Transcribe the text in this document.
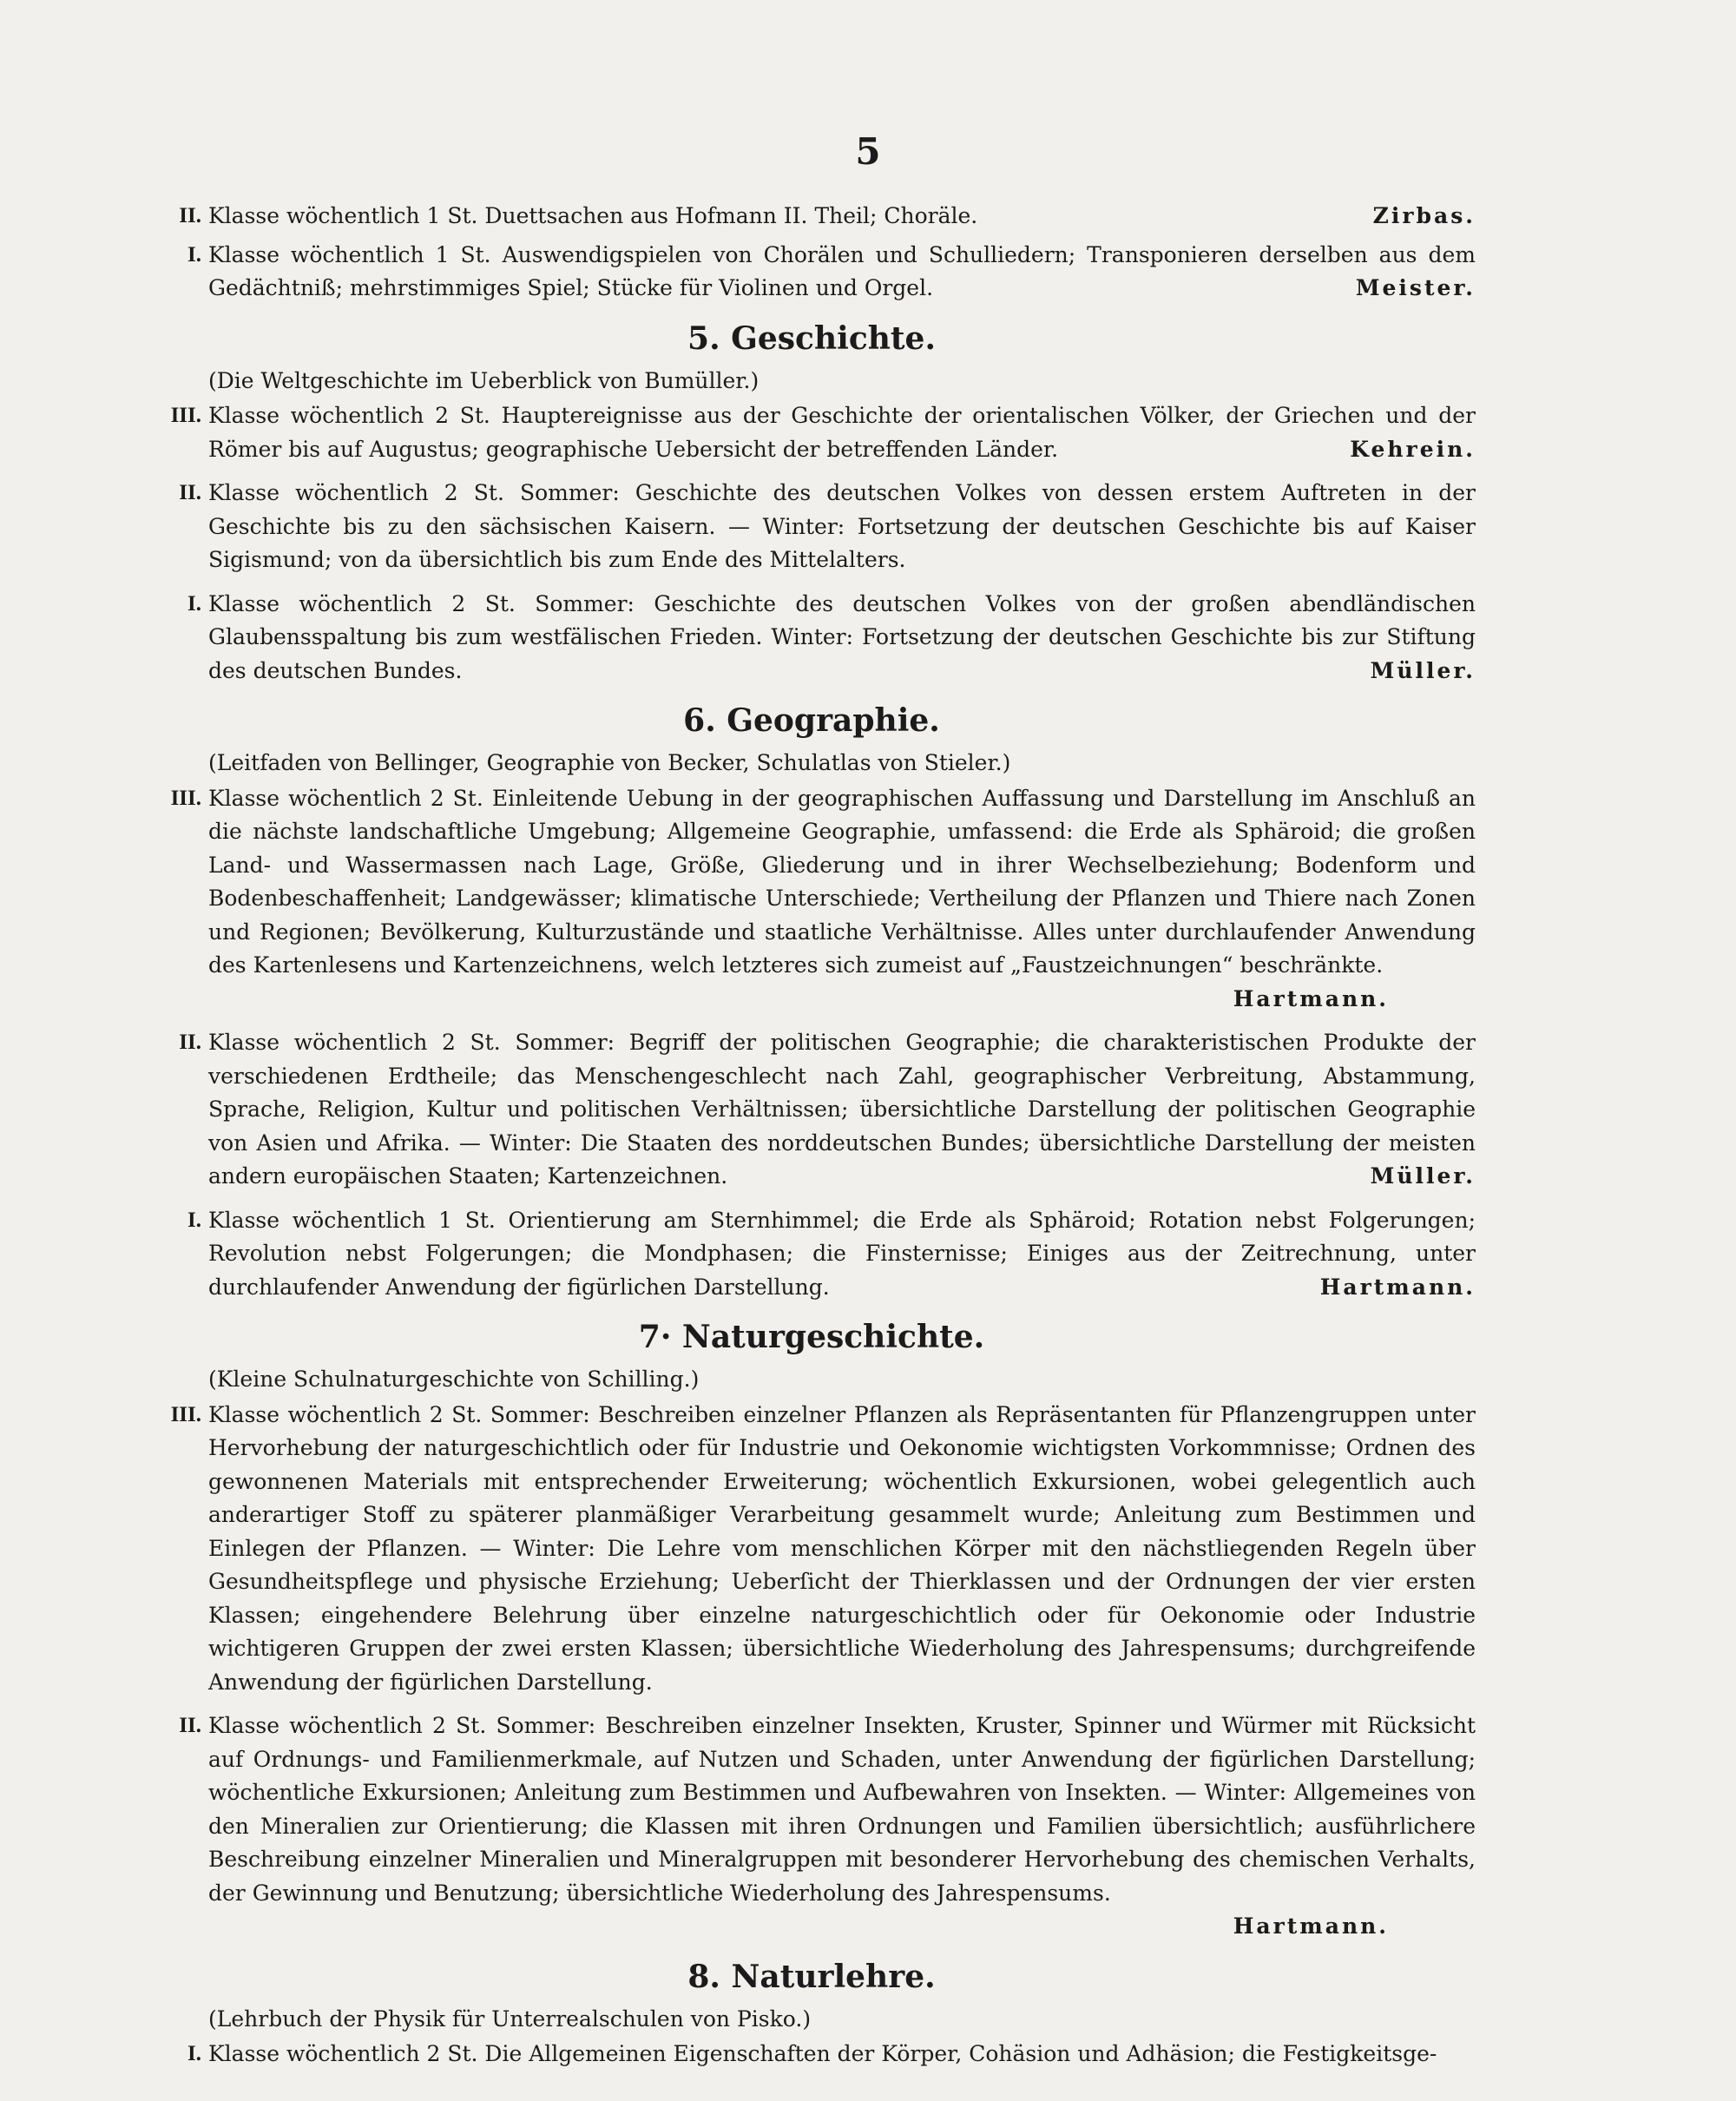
5
II. Klasse wöchentlich 1 St. Duettsachen aus Hofmann II. Theil; Choräle.	Zirbas.
I. Klasse wöchentlich 1 St. Auswendigspielen von Chorälen und Schulliedern; Transponieren derselben aus dem Gedächtniß; mehrstimmiges Spiel; Stücke für Violinen und Orgel.	Meister.
5. Geschichte.
(Die Weltgeschichte im Ueberblick von Bumüller.)
III. Klasse wöchentlich 2 St. Hauptereignisse aus der Geschichte der orientalischen Völker, der Griechen und der Römer bis auf Augustus; geographische Uebersicht der betreffenden Länder.	Kehrein.
II. Klasse wöchentlich 2 St. Sommer: Geschichte des deutschen Volkes von dessen erstem Auftreten in der Geschichte bis zu den sächsischen Kaisern. — Winter: Fortsetzung der deutschen Geschichte bis auf Kaiser Sigismund; von da übersichtlich bis zum Ende des Mittelalters.
I. Klasse wöchentlich 2 St. Sommer: Geschichte des deutschen Volkes von der großen abendländischen Glaubensspaltung bis zum westfälischen Frieden. Winter: Fortsetzung der deutschen Geschichte bis zur Stiftung des deutschen Bundes.	Müller.
6. Geographie.
(Leitfaden von Bellinger, Geographie von Becker, Schulatlas von Stieler.)
III. Klasse wöchentlich 2 St. Einleitende Uebung in der geographischen Auffassung und Darstellung im Anschluß an die nächste landschaftliche Umgebung; Allgemeine Geographie, umfassend: die Erde als Sphäroid; die großen Land- und Wassermassen nach Lage, Größe, Gliederung und in ihrer Wechselbeziehung; Bodenform und Bodenbeschaffenheit; Landgewässer; klimatische Unterschiede; Vertheilung der Pflanzen und Thiere nach Zonen und Regionen; Bevölkerung, Kulturzustände und staatliche Verhältnisse. Alles unter durchlaufender Anwendung des Kartenlesens und Kartenzeichnens, welch letzteres sich zumeist auf „Faustzeichnungen“ beschränkte.
Hartmann.
II. Klasse wöchentlich 2 St. Sommer: Begriff der politischen Geographie; die charakteristischen Produkte der verschiedenen Erdtheile; das Menschengeschlecht nach Zahl, geographischer Verbreitung, Abstammung, Sprache, Religion, Kultur und politischen Verhältnissen; übersichtliche Darstellung der politischen Geographie von Asien und Afrika. — Winter: Die Staaten des norddeutschen Bundes; übersichtliche Darstellung der meisten andern europäischen Staaten; Kartenzeichnen.	Müller.
I. Klasse wöchentlich 1 St. Orientierung am Sternhimmel; die Erde als Sphäroid; Rotation nebst Folgerungen; Revolution nebst Folgerungen; die Mondphasen; die Finsternisse; Einiges aus der Zeitrechnung, unter durchlaufender Anwendung der figürlichen Darstellung.	Hartmann.
7· Naturgeschichte.
(Kleine Schulnaturgeschichte von Schilling.)
III. Klasse wöchentlich 2 St. Sommer: Beschreiben einzelner Pflanzen als Repräsentanten für Pflanzengruppen unter Hervorhebung der naturgeschichtlich oder für Industrie und Oekonomie wichtigsten Vorkommnisse; Ordnen des gewonnenen Materials mit entsprechender Erweiterung; wöchentlich Exkursionen, wobei gelegentlich auch anderartiger Stoff zu späterer planmäßiger Verarbeitung gesammelt wurde; Anleitung zum Bestimmen und Einlegen der Pflanzen. — Winter: Die Lehre vom menschlichen Körper mit den nächstliegenden Regeln über Gesundheitspflege und physische Erziehung; Ueberſicht der Thierklassen und der Ordnungen der vier ersten Klassen; eingehendere Belehrung über einzelne naturgeschichtlich oder für Oekonomie oder Industrie wichtigeren Gruppen der zwei ersten Klassen; übersichtliche Wiederholung des Jahrespensums; durchgreifende Anwendung der figürlichen Darstellung.
II. Klasse wöchentlich 2 St. Sommer: Beschreiben einzelner Insekten, Kruster, Spinner und Würmer mit Rücksicht auf Ordnungs- und Familienmerkmale, auf Nutzen und Schaden, unter Anwendung der figürlichen Darstellung; wöchentliche Exkursionen; Anleitung zum Bestimmen und Aufbewahren von Insekten. — Winter: Allgemeines von den Mineralien zur Orientierung; die Klassen mit ihren Ordnungen und Familien übersichtlich; ausführlichere Beschreibung einzelner Mineralien und Mineralgruppen mit besonderer Hervorhebung des chemischen Verhalts, der Gewinnung und Benutzung; übersichtliche Wiederholung des Jahrespensums.
Hartmann.
8. Naturlehre.
(Lehrbuch der Physik für Unterrealschulen von Pisko.)
I. Klasse wöchentlich 2 St. Die Allgemeinen Eigenschaften der Körper, Cohäsion und Adhäsion; die Festigkeitsge-
